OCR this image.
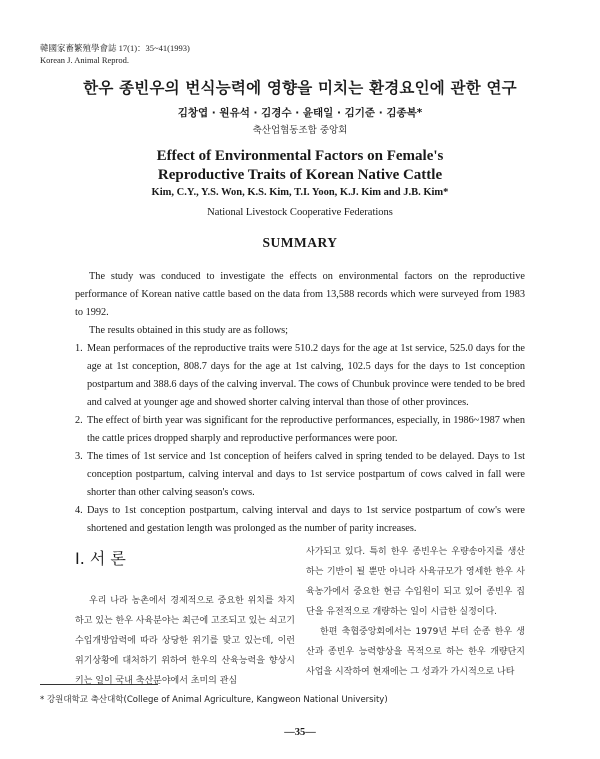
韓國家畜繁殖學會誌 17(1)：35~41(1993)
Korean J. Animal Reprod.
한우 종빈우의 번식능력에 영향을 미치는 환경요인에 관한 연구
김창엽 · 원유석 · 김경수 · 윤태일 · 김기준 · 김종복*
축산업협동조합 중앙회
Effect of Environmental Factors on Female's
Reproductive Traits of Korean Native Cattle
Kim, C.Y., Y.S. Won, K.S. Kim, T.I. Yoon, K.J. Kim and J.B. Kim*
National Livestock Cooperative Federations
SUMMARY

The study was conduced to investigate the effects on environmental factors on the reproductive performance of Korean native cattle based on the data from 13,588 records which were surveyed from 1983 to 1992.

The results obtained in this study are as follows;

1. Mean performaces of the reproductive traits were 510.2 days for the age at 1st service, 525.0 days for the age at 1st conception, 808.7 days for the age at 1st calving, 102.5 days for the days to 1st conception postpartum and 388.6 days of the calving inverval. The cows of Chunbuk province were tended to be bred and calved at younger age and showed shorter calving interval than those of other provinces.
2. The effect of birth year was significant for the reproductive performances, especially, in 1986~1987 when the cattle prices dropped sharply and reproductive performances were poor.
3. The times of 1st service and 1st conception of heifers calved in spring tended to be delayed. Days to 1st conception postpartum, calving interval and days to 1st service postpartum of cows calved in fall were shorter than other calving season's cows.
4. Days to 1st conception postpartum, calving interval and days to 1st service postpartum of cow's were shortened and gestation length was prolonged as the number of parity increases.
I. 서 론
우리 나라 농촌에서 경제적으로 중요한 위치를 차지하고 있는 한우 사육분야는 최근에 고조되고 있는 쇠고기 수입개방압력에 따라 상당한 위기를 맞고 있는데, 이런 위기상황에 대처하기 위하여 한우의 산육능력을 향상시키는 일이 국내 축산분야에서 초미의 관심
사가되고 있다. 특히 한우 종빈우는 우량송아지를 생산하는 기반이 될 뿐만 아니라 사육규모가 영세한 한우 사육농가에서 중요한 현금 수입원이 되고 있어 종빈우 집단을 유전적으로 개량하는 일이 시급한 실정이다.
한편 축협중앙회에서는 1979년 부터 순종 한우 생산과 종빈우 능력향상을 목적으로 하는 한우 개량단지 사업을 시작하여 현재에는 그 성과가 가시적으로 나타
* 강원대학교 축산대학(College of Animal Agriculture, Kangweon National University)
—35—
